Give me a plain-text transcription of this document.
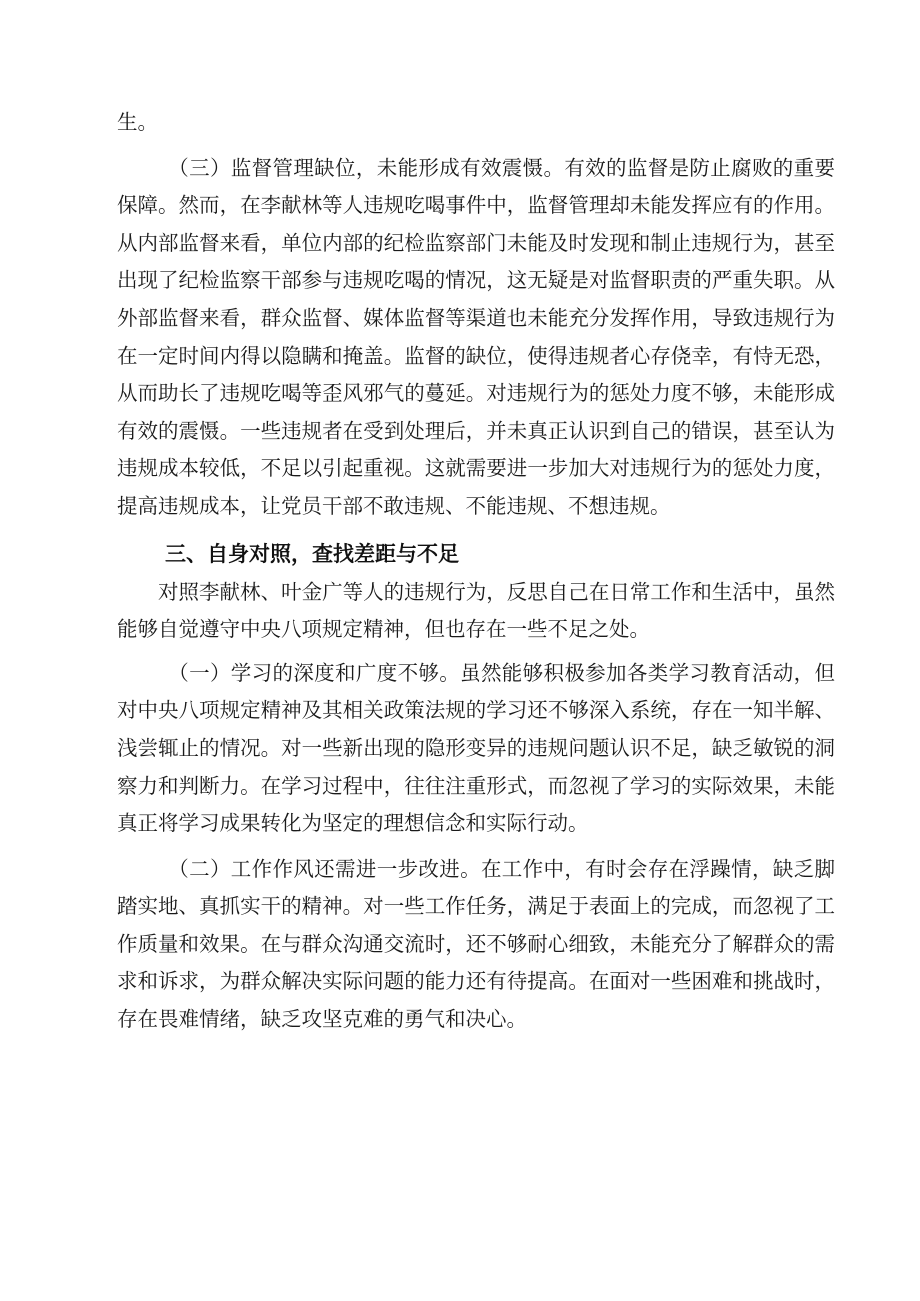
生。

（三）监督管理缺位，未能形成有效震慑。有效的监督是防止腐败的重要保障。然而，在李献林等人违规吃喝事件中，监督管理却未能发挥应有的作用。从内部监督来看，单位内部的纪检监察部门未能及时发现和制止违规行为，甚至出现了纪检监察干部参与违规吃喝的情况，这无疑是对监督职责的严重失职。从外部监督来看，群众监督、媒体监督等渠道也未能充分发挥作用，导致违规行为在一定时间内得以隐瞒和掩盖。监督的缺位，使得违规者心存侥幸，有恃无恐，从而助长了违规吃喝等歪风邪气的蔓延。对违规行为的惩处力度不够，未能形成有效的震慑。一些违规者在受到处理后，并未真正认识到自己的错误，甚至认为违规成本较低，不足以引起重视。这就需要进一步加大对违规行为的惩处力度，提高违规成本，让党员干部不敢违规、不能违规、不想违规。

三、自身对照，查找差距与不足

对照李献林、叶金广等人的违规行为，反思自己在日常工作和生活中，虽然能够自觉遵守中央八项规定精神，但也存在一些不足之处。

（一）学习的深度和广度不够。虽然能够积极参加各类学习教育活动，但对中央八项规定精神及其相关政策法规的学习还不够深入系统，存在一知半解、浅尝辄止的情况。对一些新出现的隐形变异的违规问题认识不足，缺乏敏锐的洞察力和判断力。在学习过程中，往往注重形式，而忽视了学习的实际效果，未能真正将学习成果转化为坚定的理想信念和实际行动。

（二）工作作风还需进一步改进。在工作中，有时会存在浮躁情，缺乏脚踏实地、真抓实干的精神。对一些工作任务，满足于表面上的完成，而忽视了工作质量和效果。在与群众沟通交流时，还不够耐心细致，未能充分了解群众的需求和诉求，为群众解决实际问题的能力还有待提高。在面对一些困难和挑战时，存在畏难情绪，缺乏攻坚克难的勇气和决心。
